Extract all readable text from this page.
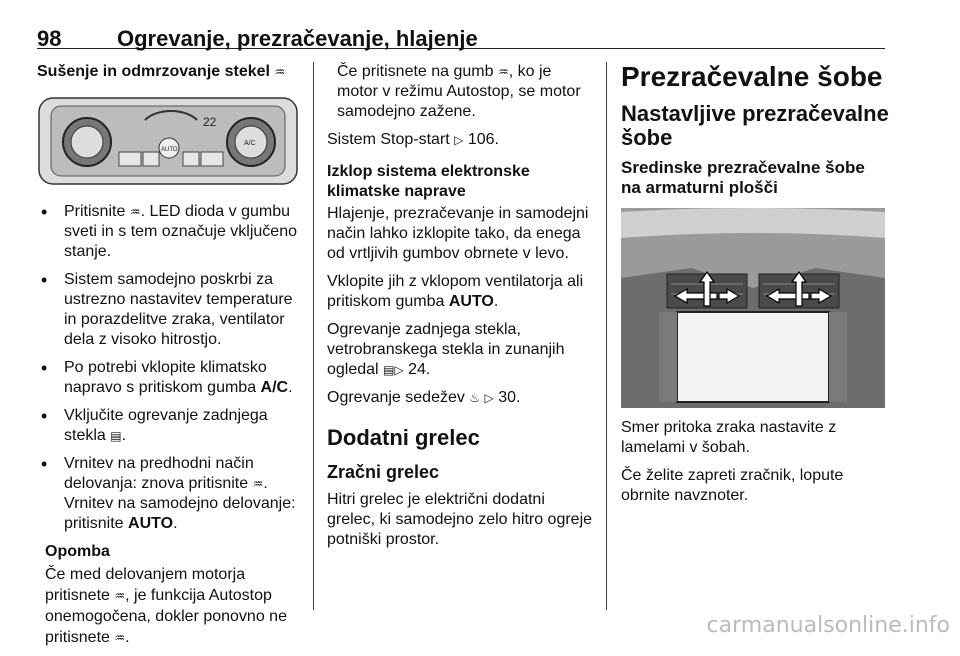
98	Ogrevanje, prezračevanje, hlajenje
Sušenje in odmrzovanje stekel ♒
22
AUTO
A/C
• Pritisnite ♒. LED dioda v gumbu sveti in s tem označuje vključeno stanje.
• Sistem samodejno poskrbi za ustrezno nastavitev temperature in porazdelitve zraka, ventilator dela z visoko hitrostjo.
• Po potrebi vklopite klimatsko napravo s pritiskom gumba A/C.
• Vključite ogrevanje zadnjega stekla ▤.
• Vrnitev na predhodni način delovanja: znova pritisnite ♒.
Vrnitev na samodejno delovanje: pritisnite AUTO.
Opomba

Če med delovanjem motorja pritisnete ♒, je funkcija Autostop onemogočena, dokler ponovno ne pritisnete ♒.

Če pritisnete na gumb ♒, ko je motor v režimu Autostop, se motor samodejno zažene.

Sistem Stop-start ▷ 106.

Izklop sistema elektronske klimatske naprave

Hlajenje, prezračevanje in samodejni način lahko izklopite tako, da enega od vrtljivih gumbov obrnete v levo.

Vklopite jih z vklopom ventilatorja ali pritiskom gumba AUTO.

Ogrevanje zadnjega stekla, vetrobranskega stekla in zunanjih ogledal ▤▷ 24.

Ogrevanje sedežev ♨ ▷ 30.

Dodatni grelec
Zračni grelec

Hitri grelec je električni dodatni grelec, ki samodejno zelo hitro ogreje potniški prostor.

Prezračevalne šobe
Nastavljive prezračevalne šobe
Sredinske prezračevalne šobe na armaturni plošči

Smer pritoka zraka nastavite z lamelami v šobah.

Če želite zapreti zračnik, lopute obrnite navznoter.

carmanualsonline.info
